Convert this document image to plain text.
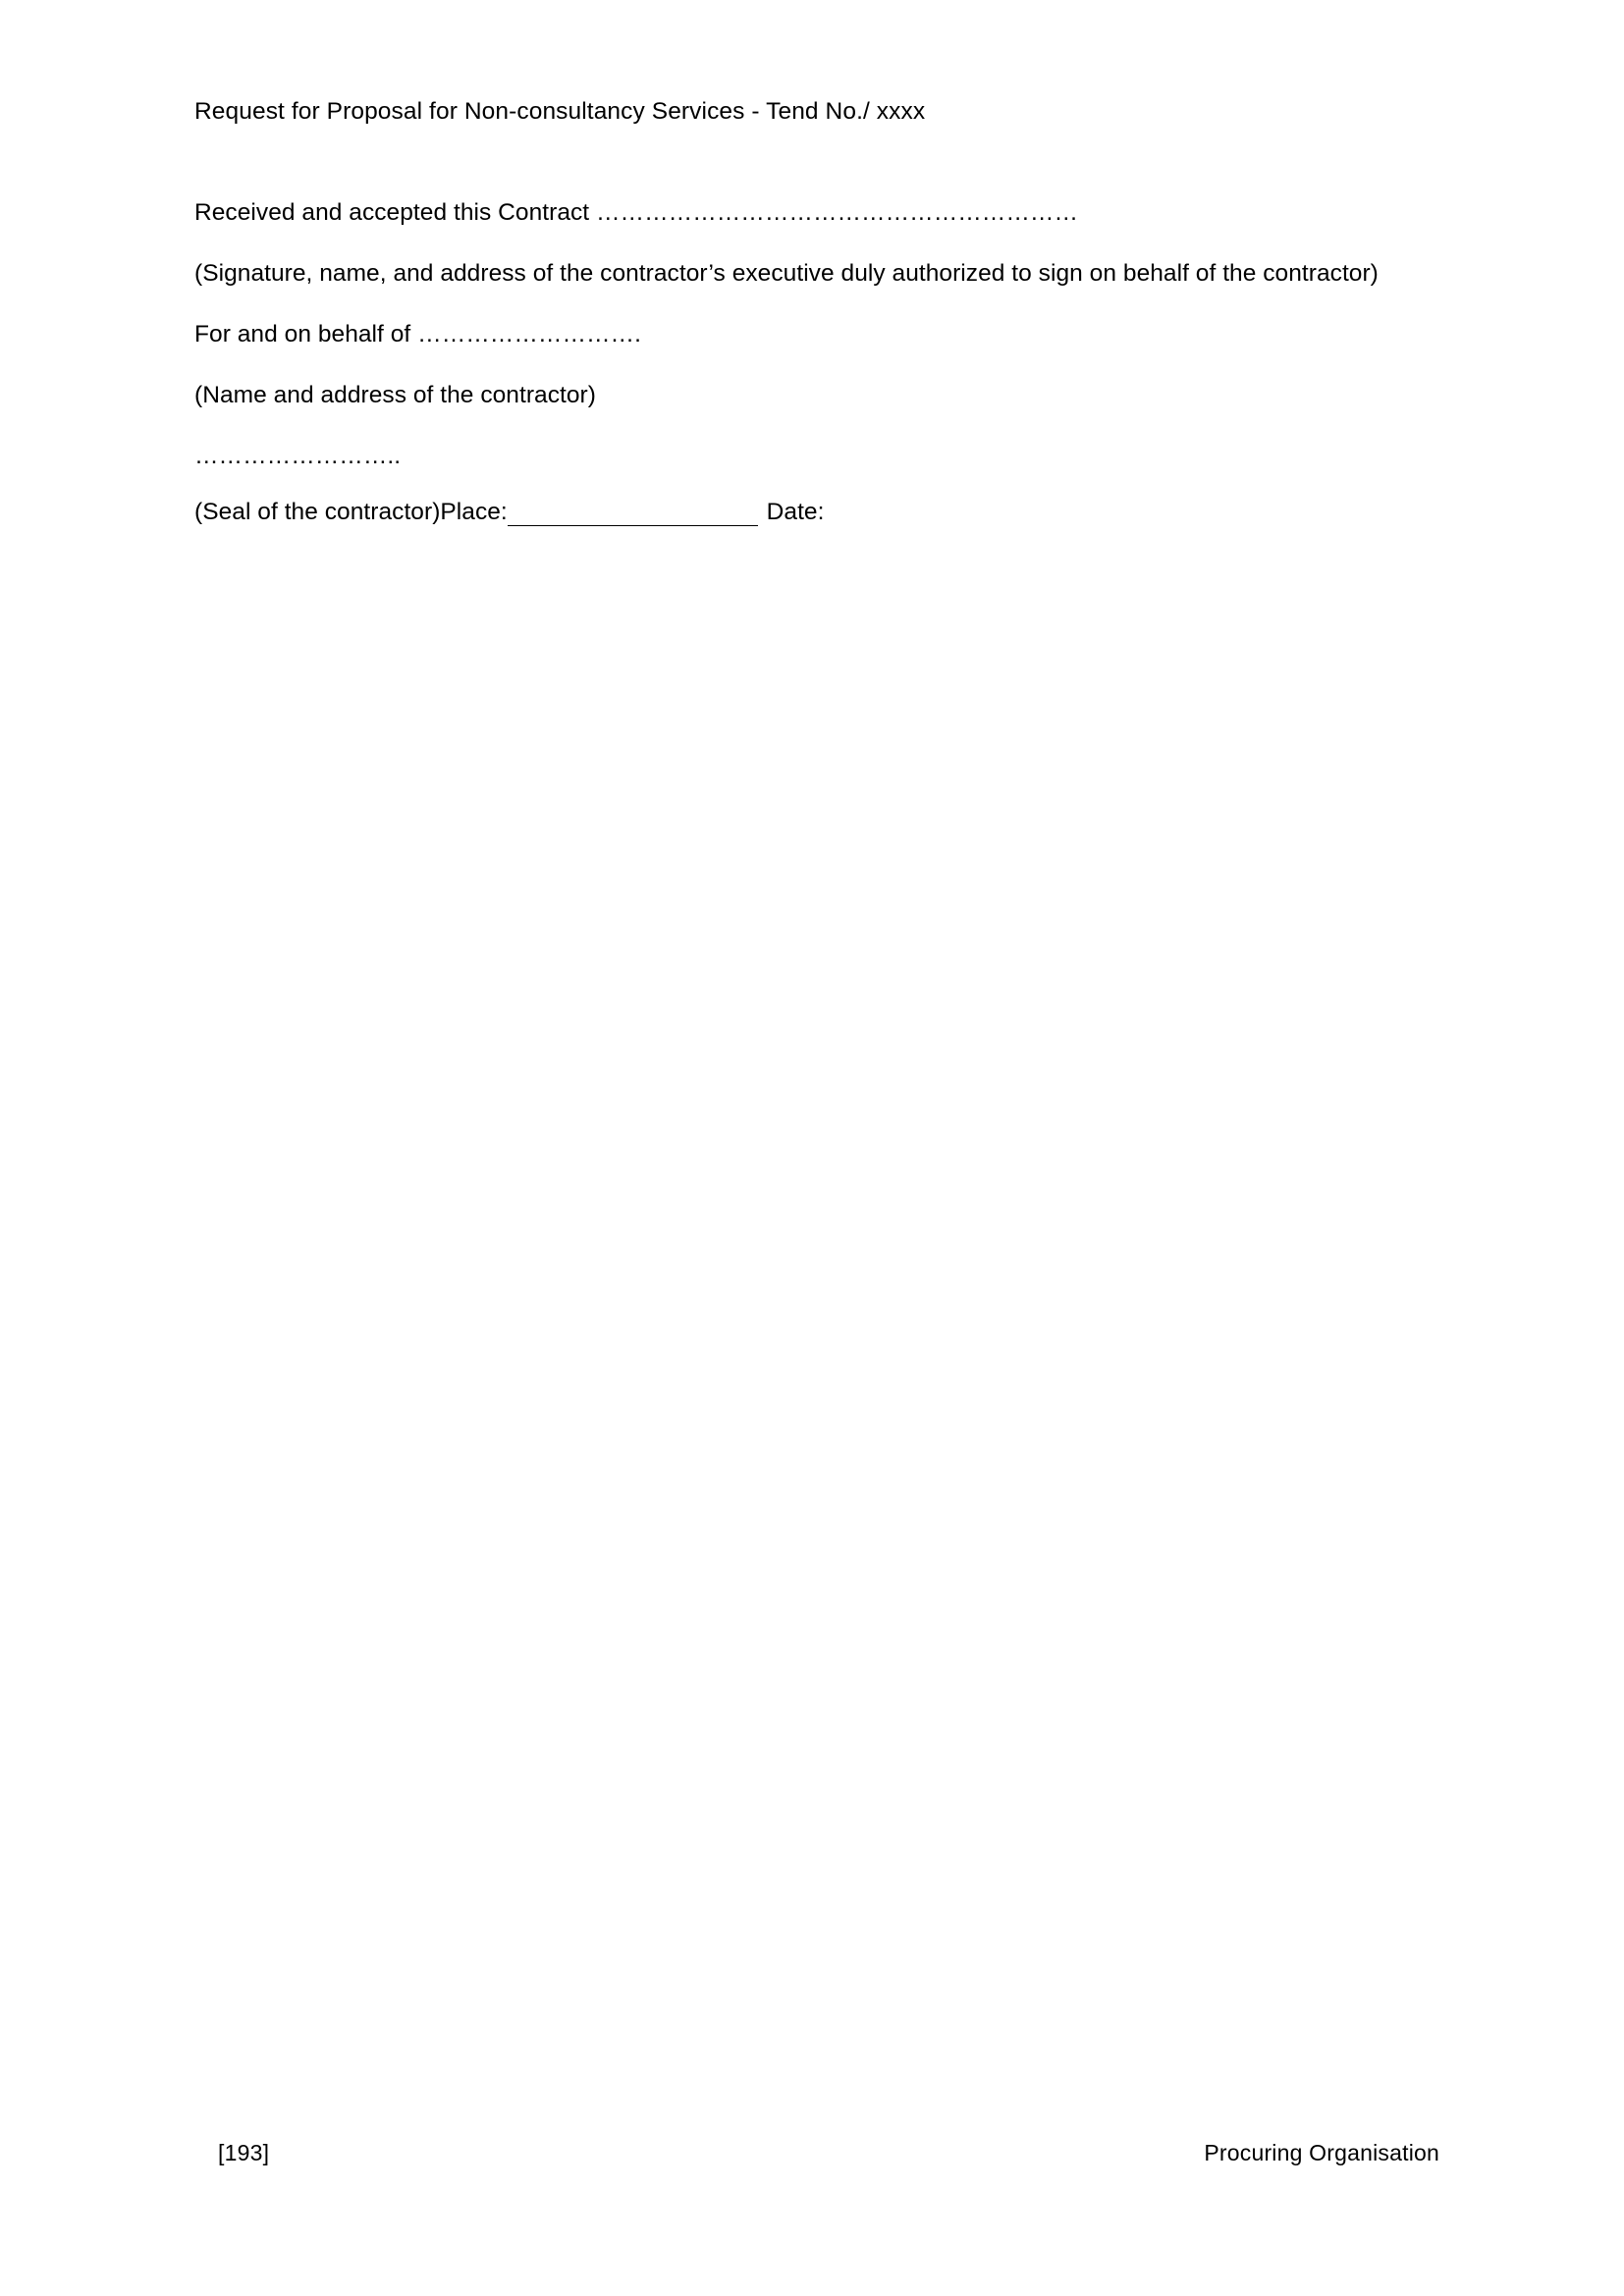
Request for Proposal for Non-consultancy Services - Tend No./ xxxx

Received and accepted this Contract ……………………………………………………

(Signature, name, and address of the contractor’s executive duly authorized to sign on behalf of the contractor)

For and on behalf of ……………………….

(Name and address of the contractor)

……………………..

(Seal of the contractor)Place:	Date:

[193]	Procuring Organisation
